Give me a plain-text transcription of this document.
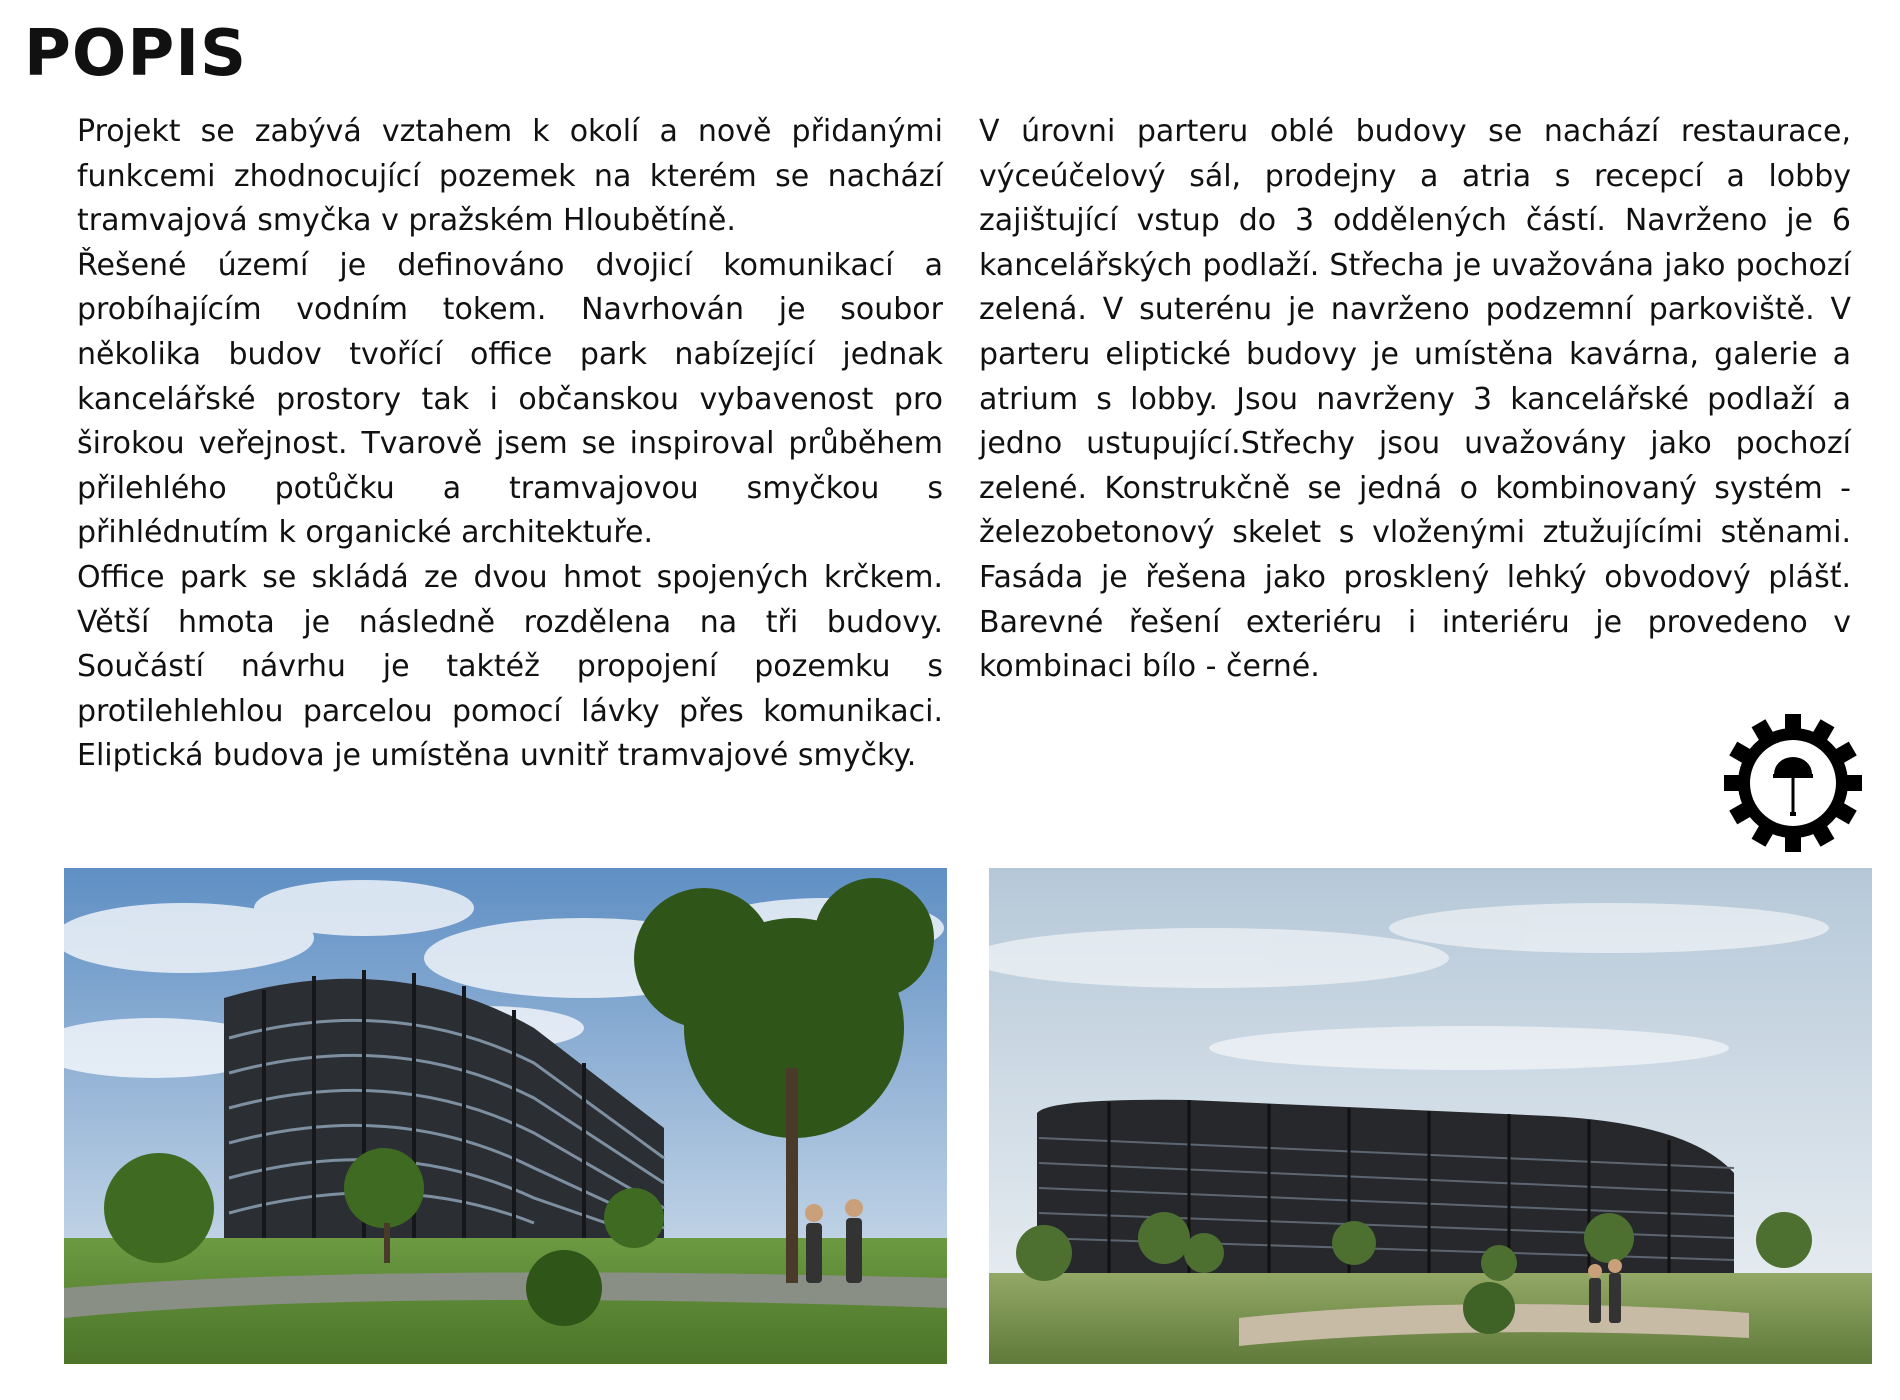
POPIS

Projekt se zabývá vztahem k okolí a nově přidanými funkcemi zhodnocující pozemek na kterém se nachází tramvajová smyčka v pražském Hloubětíně.

Řešené území je definováno dvojicí komunikací a probíhajícím vodním tokem. Navrhován je soubor několika budov tvořící office park nabízející jednak kancelářské prostory tak i občanskou vybavenost pro širokou veřejnost. Tvarově jsem se inspiroval průběhem přilehlého potůčku a tramvajovou smyčkou s přihlédnutím k organické architektuře.

Office park se skládá ze dvou hmot spojených krčkem. Větší hmota je následně rozdělena na tři budovy. Součástí návrhu je taktéž propojení pozemku s protilehlehlou parcelou pomocí lávky přes komunikaci. Eliptická budova je umístěna uvnitř tramvajové smyčky.

V úrovni parteru oblé budovy se nachází restaurace, výceúčelový sál, prodejny a atria s recepcí a lobby zajištující vstup do 3 oddělených částí. Navrženo je 6 kancelářských podlaží. Střecha je uvažována jako pochozí zelená. V suterénu je navrženo podzemní parkoviště. V parteru eliptické budovy je umístěna kavárna, galerie a atrium s lobby. Jsou navrženy 3 kancelářské podlaží a jedno ustupující.Střechy jsou uvažovány jako pochozí zelené. Konstrukčně se jedná o kombinovaný systém - železobetonový skelet s vloženými ztužujícími stěnami. Fasáda je řešena jako prosklený lehký obvodový plášť. Barevné řešení exteriéru i interiéru je provedeno v kombinaci bílo - černé.
